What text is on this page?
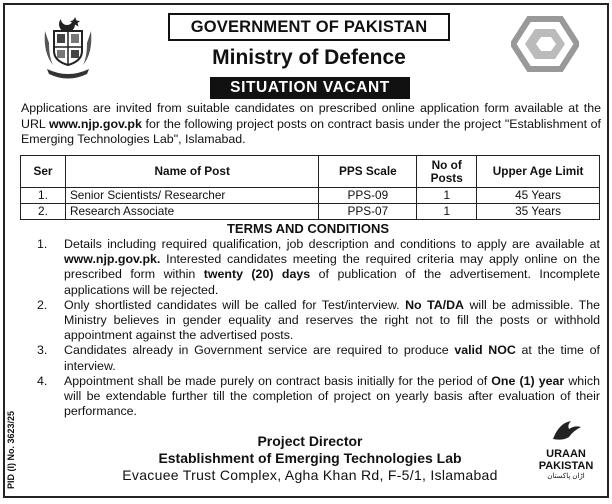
GOVERNMENT OF PAKISTAN
Ministry of Defence
SITUATION VACANT
Applications are invited from suitable candidates on prescribed online application form available at the URL www.njp.gov.pk for the following project posts on contract basis under the project "Establishment of Emerging Technologies Lab", Islamabad.
Ser	Name of Post	PPS Scale	No of Posts	Upper Age Limit
1.	Senior Scientists/ Researcher	PPS-09	1	45 Years
2.	Research Associate	PPS-07	1	35 Years
TERMS AND CONDITIONS
1. Details including required qualification, job description and conditions to apply are available at www.njp.gov.pk. Interested candidates meeting the required criteria may apply online on the prescribed form within twenty (20) days of publication of the advertisement. Incomplete applications will be rejected.
2. Only shortlisted candidates will be called for Test/interview. No TA/DA will be admissible. The Ministry believes in gender equality and reserves the right not to fill the posts or withhold appointment against the advertised posts.
3. Candidates already in Government service are required to produce valid NOC at the time of interview.
4. Appointment shall be made purely on contract basis initially for the period of One (1) year which will be extendable further till the completion of project on yearly basis after evaluation of their performance.
PID (I) No. 3623/25	Project Director
Establishment of Emerging Technologies Lab
Evacuee Trust Complex, Agha Khan Rd, F-5/1, Islamabad
URAAN
PAKISTAN
اڑان پاکستان
